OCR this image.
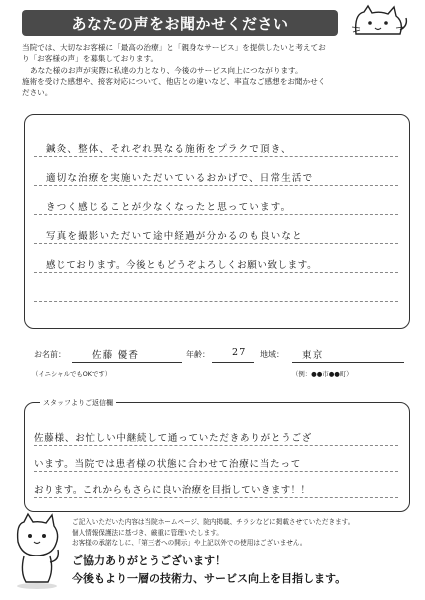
あなたの声をお聞かせください

当院では、大切なお客様に「最高の治療」と「親身なサービス」を提供したいと考えてお

り「お客様の声」を募集しております。

あなた様のお声が実際に私達の力となり、今後のサービス向上につながります。

施術を受けた感想や、接客対応について、他店との違いなど、率直なご感想をお聞かせく

ださい。

鍼灸、整体、それぞれ異なる施術をプラクで頂き、
適切な治療を実施いただいているおかげで、日常生活で
きつく感じることが少なくなったと思っています。
写真を撮影いただいて途中経過が分かるのも良いなと
感じております。今後ともどうぞよろしくお願い致します。
お名前：	佐藤 優香	年齢： 27 地域： 東京
（イニシャルでもOKです）	（例：●●市●●町）
スタッフよりご返信欄
佐藤様、お忙しい中継続して通っていただきありがとうござ
います。当院では患者様の状態に合わせて治療に当たって
おります。これからもさらに良い治療を目指していきます！！

ご記入いただいた内容は当院ホームページ、院内掲載、チラシなどに掲載させていただきます。

個人情報保護法に基づき、厳重に管理いたします。

お客様の承諾なしに、「第三者への開示」や上記以外での使用はございません。

ご協力ありがとうございます！
今後もより一層の技術力、サービス向上を目指します。
